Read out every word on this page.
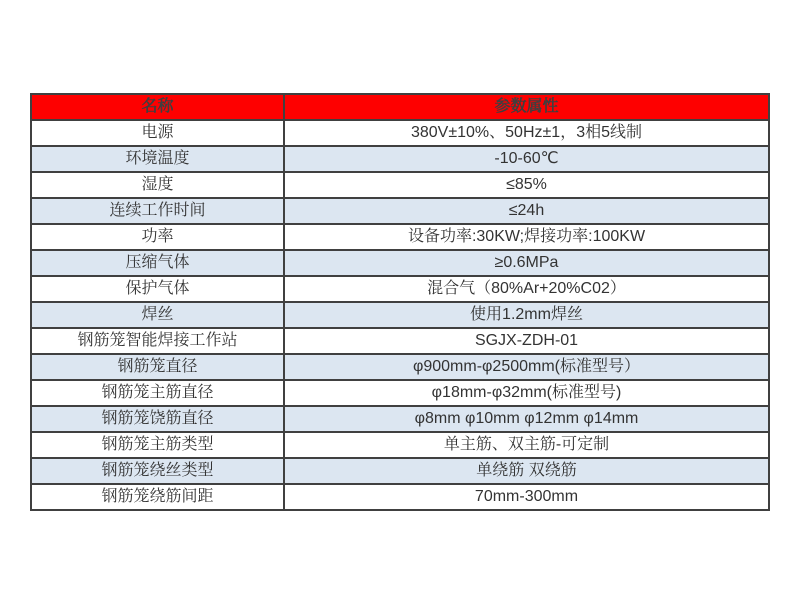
名称	参数属性
电源	380V±10%、50Hz±1，3相5线制
环境温度	-10-60℃
湿度	≤85%
连续工作时间	≤24h
功率	设备功率:30KW;焊接功率:100KW
压缩气体	≥0.6MPa
保护气体	混合气（80%Ar+20%C02）
焊丝	使用1.2mm焊丝
钢筋笼智能焊接工作站	SGJX-ZDH-01
钢筋笼直径	φ900mm-φ2500mm(标准型号）
钢筋笼主筋直径	φ18mm-φ32mm(标准型号)
钢筋笼饶筋直径	φ8mm φ10mm φ12mm φ14mm
钢筋笼主筋类型	单主筋、双主筋-可定制
钢筋笼绕丝类型	单绕筋 双绕筋
钢筋笼绕筋间距	70mm-300mm
